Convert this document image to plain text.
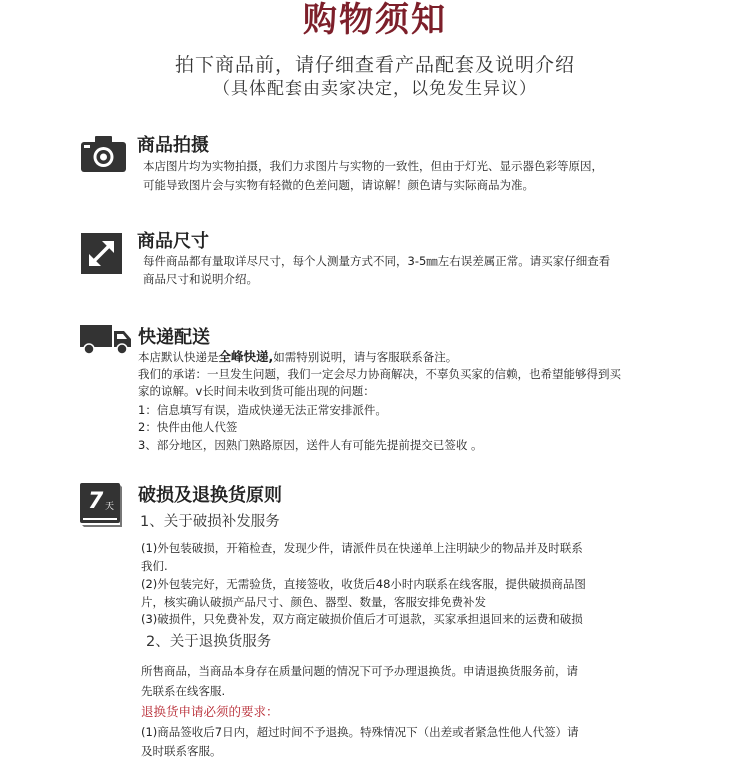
购物须知
拍下商品前，请仔细查看产品配套及说明介绍
（具体配套由卖家决定，以免发生异议）
商品拍摄
本店图片均为实物拍摄，我们力求图片与实物的一致性，但由于灯光、显示器色彩等原因，
可能导致图片会与实物有轻微的色差问题，请谅解！颜色请与实际商品为准。
商品尺寸
每件商品都有量取详尽尺寸，每个人测量方式不同，3-5㎜左右误差属正常。请买家仔细查看
商品尺寸和说明介绍。
快递配送
本店默认快递是全峰快递,如需特别说明，请与客服联系备注。
我们的承诺：一旦发生问题，我们一定会尽力协商解决，不辜负买家的信赖，也希望能够得到买
家的谅解。v长时间未收到货可能出现的问题：
1：信息填写有误，造成快递无法正常安排派件。
2：快件由他人代签
3、部分地区，因熟门熟路原因，送件人有可能先提前提交已签收 。
7 天
破损及退换货原则
1、关于破损补发服务
(1)外包装破损，开箱检查，发现少件，请派件员在快递单上注明缺少的物品并及时联系
我们.
(2)外包装完好，无需验货，直接签收，收货后48小时内联系在线客服，提供破损商品图
片，核实确认破损产品尺寸、颜色、器型、数量，客服安排免费补发
(3)破损件，只免费补发，双方商定破损价值后才可退款，买家承担退回来的运费和破损
2、关于退换货服务
所售商品，当商品本身存在质量问题的情况下可予办理退换货。申请退换货服务前，请
先联系在线客服.
退换货申请必须的要求：
(1)商品签收后7日内，超过时间不予退换。特殊情况下（出差或者紧急性他人代签）请
及时联系客服。
